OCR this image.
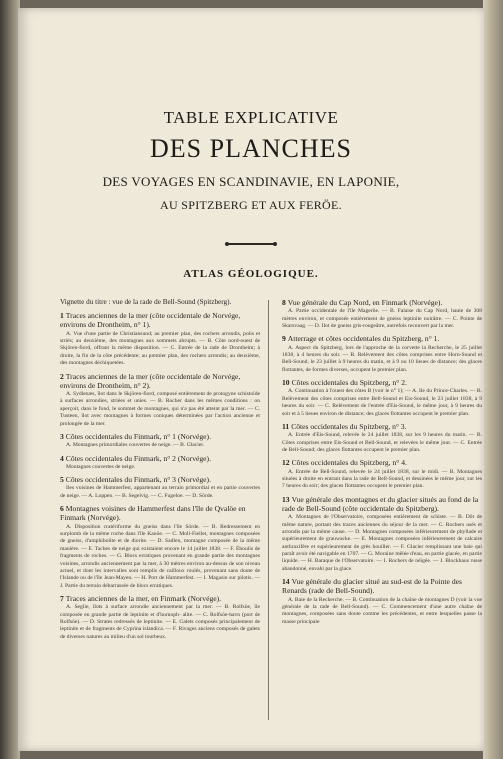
TABLE EXPLICATIVE

DES PLANCHES

DES VOYAGES EN SCANDINAVIE, EN LAPONIE,

AU SPITZBERG ET AUX FERÖE.

ATLAS GÉOLOGIQUE.

Vignette du titre : vue de la rade de Bell-Sound (Spitzberg).

1 Traces anciennes de la mer (côte occidentale de Norvége, environs de Drontheim, n° 1).

A. Vue d'une partie de Christiansund; au premier plan, des rochers arrondis, polis et striés; au deuxième, des montagnes aux sommets abrupts. — B. Côte nord-ouest de Skjören-fiord, offrant la même disposition. — C. Entrée de la rade de Drontheim; à droite, la fin de la côte précédente; au premier plan, des rochers arrondis; au deuxième, des montagnes déchiquetées.

2 Traces anciennes de la mer (côte occidentale de Norvége, environs de Drontheim, n° 2).

A. Sydlenæs, îlot dans le Skjören-fiord, composé entièrement de protogyne schistoïde à surfaces arrondies, striées et unies. — B. Rocher dans les mêmes conditions : on aperçoit, dans le fond, le sommet de montagnes, qui n'a pas été atteint par la mer. — C. Tusteen, îlot avec montagnes à formes coniques déterminées par l'action ancienne et prolongée de la mer.

3 Côtes occidentales du Finmark, n° 1 (Norvége).

A. Montagnes primordiales couvertes de neige. — B. Glacier.

4 Côtes occidentales du Finmark, n° 2 (Norvége).

Montagnes couvertes de neige.

5 Côtes occidentales du Finmark, n° 3 (Norvége).

Iles voisines de Hammerfest, appartenant au terrain primordial et en partie couvertes de neige. — A. Loppen. — B. Segelvig. — C. Fugeloe. — D. Sörde.

6 Montagnes voisines de Hammerfest dans l'île de Qvalöe en Finmark (Norvége).

A. Disposition cratériforme du gneiss dans l'île Sörde. — B. Redressement en surplomb de la même roche dans l'île Kanöe. — C. Moll-Fiellet, montagnes composées de gneiss, d'amphibolite et de diorite. — D. Sadlen, montagne composée de la même manière. — E. Taches de neige qui existaient encore le 14 juillet 1838. — F. Éboulis de fragments de roches. — G. Blocs erratiques provenant en grande partie des montagnes voisines, arrondis anciennement par la mer, à 30 mètres environ au-dessus de son niveau actuel, et dont les intervalles sont remplis de cailloux roulés, provenant sans doute de l'Islande ou de l'île Jean-Mayen. — H. Port de Hammerfest. — I. Magasin sur pilotis. — J. Partie du terrain débarrassée de blocs erratiques.

7 Traces anciennes de la mer, en Finmark (Norvége).

A. Seglie, îlots à surface arrondie anciennement par la mer. — B. Rolfsöe, île composée en grande partie de leptinite et d'hornoph- alite. — C. Rolfsöe-havn (port de Rolfsöe). — D. Strates redressés de leptinite. — E. Galets composés principalement de leptinite et de fragments de Cyprina islandica. — F. Rivages anciens composés de galets de diverses natures au milieu d'un sol tourbeux.

8 Vue générale du Cap Nord, en Finmark (Norvége).

A. Partie occidentale de l'île Magerõe. — B. Falaise du Cap Nord, haute de 308 mètres environ, et composée entièrement de gneiss leptinite noirâtre. — C. Pointe de Skarsvaag. — D. Ilot de gneiss gris-rougeâtre, autrefois recouvert par la mer.

9 Atterrage et côtes occidentales du Spitzberg, n° 1.

A. Aspect du Spitzberg, lors de l'approche de la corvette la Recherche, le 25 juillet 1838, à 4 heures du soir. — B. Relèvement des côtes comprises entre Horn-Sound et Bell-Sound, le 23 juillet à 9 heures du matin, et à 9 ou 10 lieues de distance; des glaces flottantes, de formes diverses, occupent le premier plan.

10 Côtes occidentales du Spitzberg, n° 2.

A. Continuation à l'ouest des côtes B (voir le n° 1); — A. Ile du Prince-Charles. — B. Relèvement des côtes comprises entre Bell-Sound et Eis-Sound, le 23 juillet 1838, à 9 heures du soir. — C. Relèvement de l'entrée d'Eis-Sound, le même jour, à 9 heures du soir et à 5 lieues environ de distance; des glaces flottantes occupent le premier plan.

11 Côtes occidentales du Spitzberg, n° 3.

A. Entrée d'Eis-Sound, relevée le 24 juillet 1838, sur les 9 heures du matin. — B. Côtes comprises entre Eis-Sound et Bell-Sound, et relevées le même jour. — C. Entrée de Bell-Sound; des glaces flottantes occupent le premier plan.

12 Côtes occidentales du Spitzberg, n° 4.

A. Entrée de Bell-Sound, relevée le 24 juillet 1838, sur le midi. — B. Montagnes situées à droite en entrant dans la rade de Bell-Sound, et dessinées le même jour, sur les 7 heures du soir; des glaces flottantes occupent le premier plan.

13 Vue générale des montagnes et du glacier situés au fond de la rade de Bell-Sound (côte occidentale du Spitzberg).

A. Montagnes de l'Observatoire, composées entièrement de schiste. — B. Dôt de même nature, portant des traces anciennes du séjour de la mer. — C. Rochers usés et arrondis par la même cause. — D. Montagnes composées inférieurement de phyllade et supérieurement de grauwacke. — E. Montagnes composées inférieurement de calcaire anthraxifère et supérieurement de grès houiller. — F. Glacier remplissant une baie qui paraît avoir été navigable en 1707. — G. Moraine mêlée d'eau, en partie glacée, en partie liquide. — H. Baraque de l'Observatoire. — I. Rochers de néigée. — J. Blockhaus russe abandonné, envahi par la glace.

14 Vue générale du glacier situé au sud-est de la Pointe des Renards (rade de Bell-Sound).

A. Baie de la Recherche. — B. Continuation de la chaîne de montagnes D (voir la vue générale de la rade de Bell-Sound). — C. Commencement d'une autre chaîne de montagnes, composées sans doute comme les précédentes, et entre lesquelles passe la masse principale
